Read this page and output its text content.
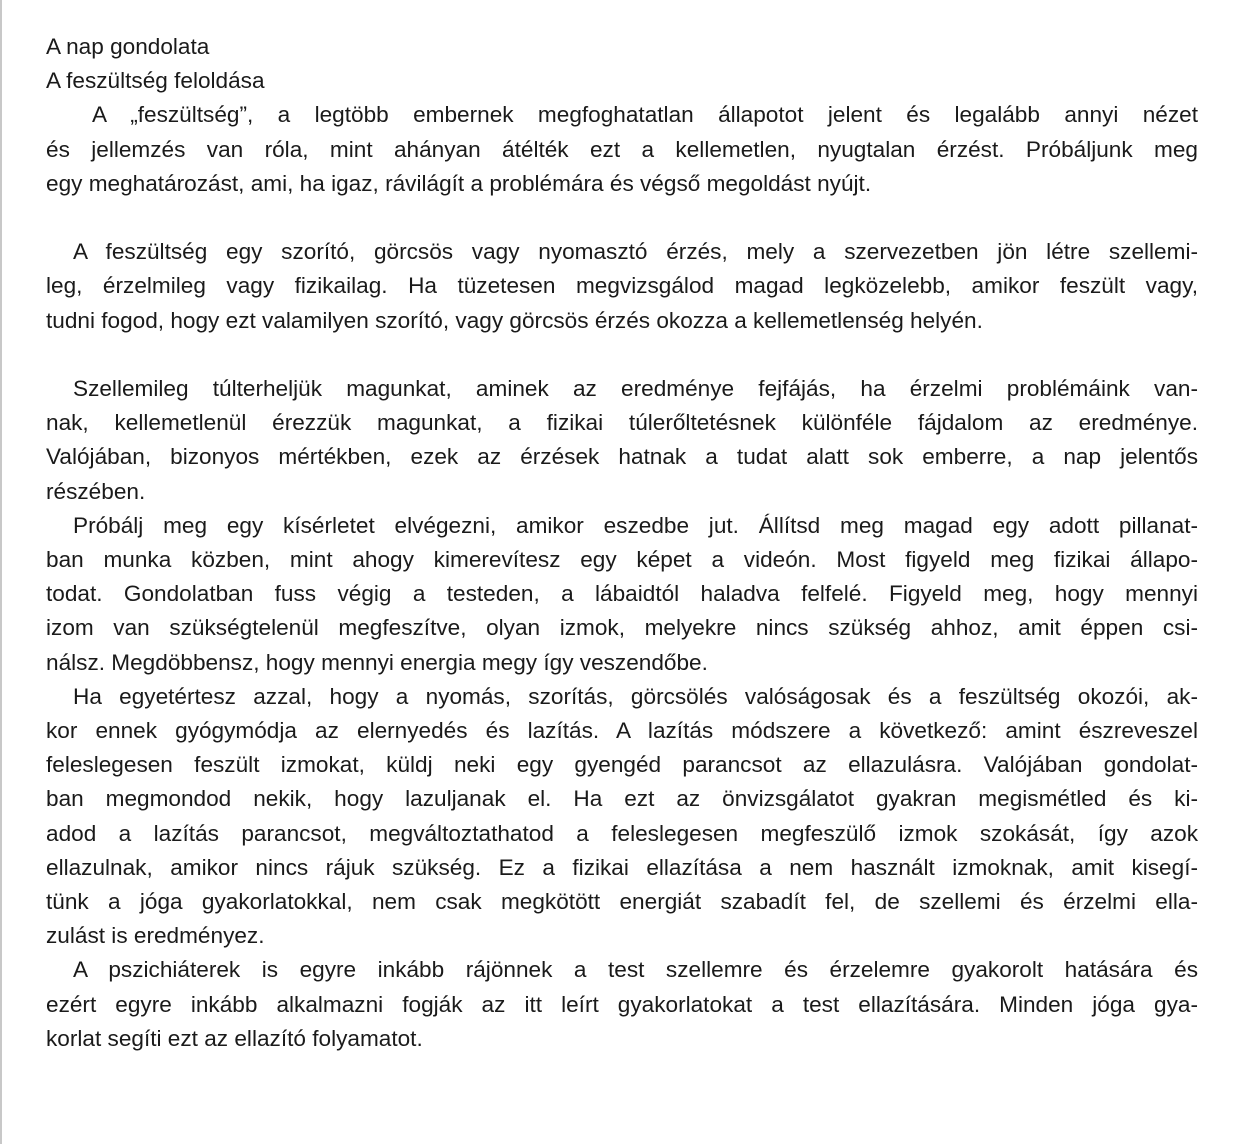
A nap gondolata

A feszültség feloldása

A „feszültség”, a legtöbb embernek megfoghatatlan állapotot jelent és legalább annyi nézet
és jellemzés van róla, mint ahányan átélték ezt a kellemetlen, nyugtalan érzést. Próbáljunk meg
egy meghatározást, ami, ha igaz, rávilágít a problémára és végső megoldást nyújt.
A feszültség egy szorító, görcsös vagy nyomasztó érzés, mely a szervezetben jön létre szellemi-
leg, érzelmileg vagy fizikailag. Ha tüzetesen megvizsgálod magad legközelebb, amikor feszült vagy,
tudni fogod, hogy ezt valamilyen szorító, vagy görcsös érzés okozza a kellemetlenség helyén.
Szellemileg túlterheljük magunkat, aminek az eredménye fejfájás, ha érzelmi problémáink van-
nak, kellemetlenül érezzük magunkat, a fizikai túlerőltetésnek különféle fájdalom az eredménye.
Valójában, bizonyos mértékben, ezek az érzések hatnak a tudat alatt sok emberre, a nap jelentős
részében.
Próbálj meg egy kísérletet elvégezni, amikor eszedbe jut. Állítsd meg magad egy adott pillanat-
ban munka közben, mint ahogy kimerevítesz egy képet a videón. Most figyeld meg fizikai állapo-
todat. Gondolatban fuss végig a testeden, a lábaidtól haladva felfelé. Figyeld meg, hogy mennyi
izom van szükségtelenül megfeszítve, olyan izmok, melyekre nincs szükség ahhoz, amit éppen csi-
nálsz. Megdöbbensz, hogy mennyi energia megy így veszendőbe.
Ha egyetértesz azzal, hogy a nyomás, szorítás, görcsölés valóságosak és a feszültség okozói, ak-
kor ennek gyógymódja az elernyedés és lazítás. A lazítás módszere a következő: amint észreveszel
feleslegesen feszült izmokat, küldj neki egy gyengéd parancsot az ellazulásra. Valójában gondolat-
ban megmondod nekik, hogy lazuljanak el. Ha ezt az önvizsgálatot gyakran megismétled és ki-
adod a lazítás parancsot, megváltoztathatod a feleslegesen megfeszülő izmok szokását, így azok
ellazulnak, amikor nincs rájuk szükség. Ez a fizikai ellazítása a nem használt izmoknak, amit kisegí-
tünk a jóga gyakorlatokkal, nem csak megkötött energiát szabadít fel, de szellemi és érzelmi ella-
zulást is eredményez.
A pszichiáterek is egyre inkább rájönnek a test szellemre és érzelemre gyakorolt hatására és
ezért egyre inkább alkalmazni fogják az itt leírt gyakorlatokat a test ellazítására. Minden jóga gya-
korlat segíti ezt az ellazító folyamatot.
